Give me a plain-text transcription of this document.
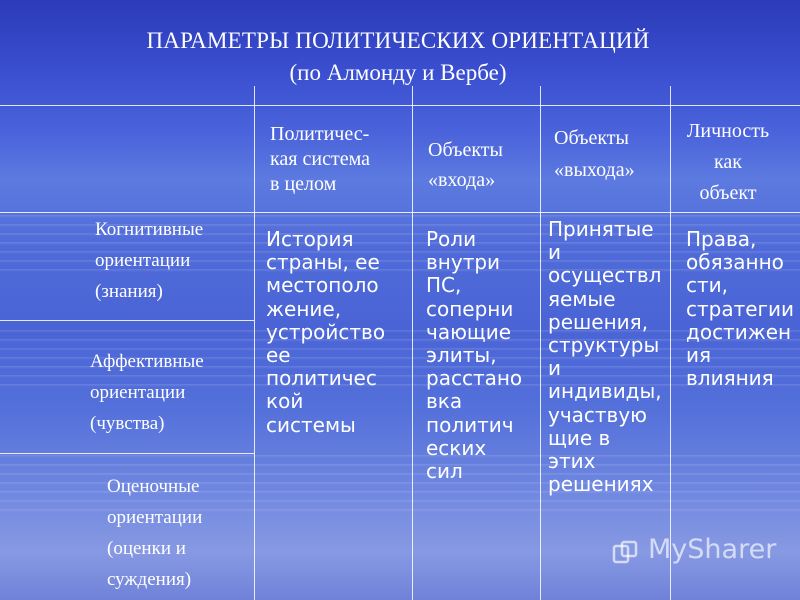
ПАРАМЕТРЫ ПОЛИТИЧЕСКИХ ОРИЕНТАЦИЙ
(по Алмонду и Вербе)
Политичес-
кая система
в целом
Объекты
«входа»
Объекты
«выхода»
Личность
как
объект
Когнитивные
ориентации
(знания)
Аффективные
ориентации
(чувства)
Оценочные
ориентации
(оценки и
суждения)
История
страны, ее
местополо
жение,
устройство
ее
политичес
кой
системы
Роли
внутри
ПС,
соперни
чающие
элиты,
расстано
вка
политич
еских
сил
Принятые
и
осуществл
яемые
решения,
структуры
и
индивиды,
участвую
щие в
этих
решениях
Права,
обязанно
сти,
стратегии
достижен
ия
влияния
MySharer
